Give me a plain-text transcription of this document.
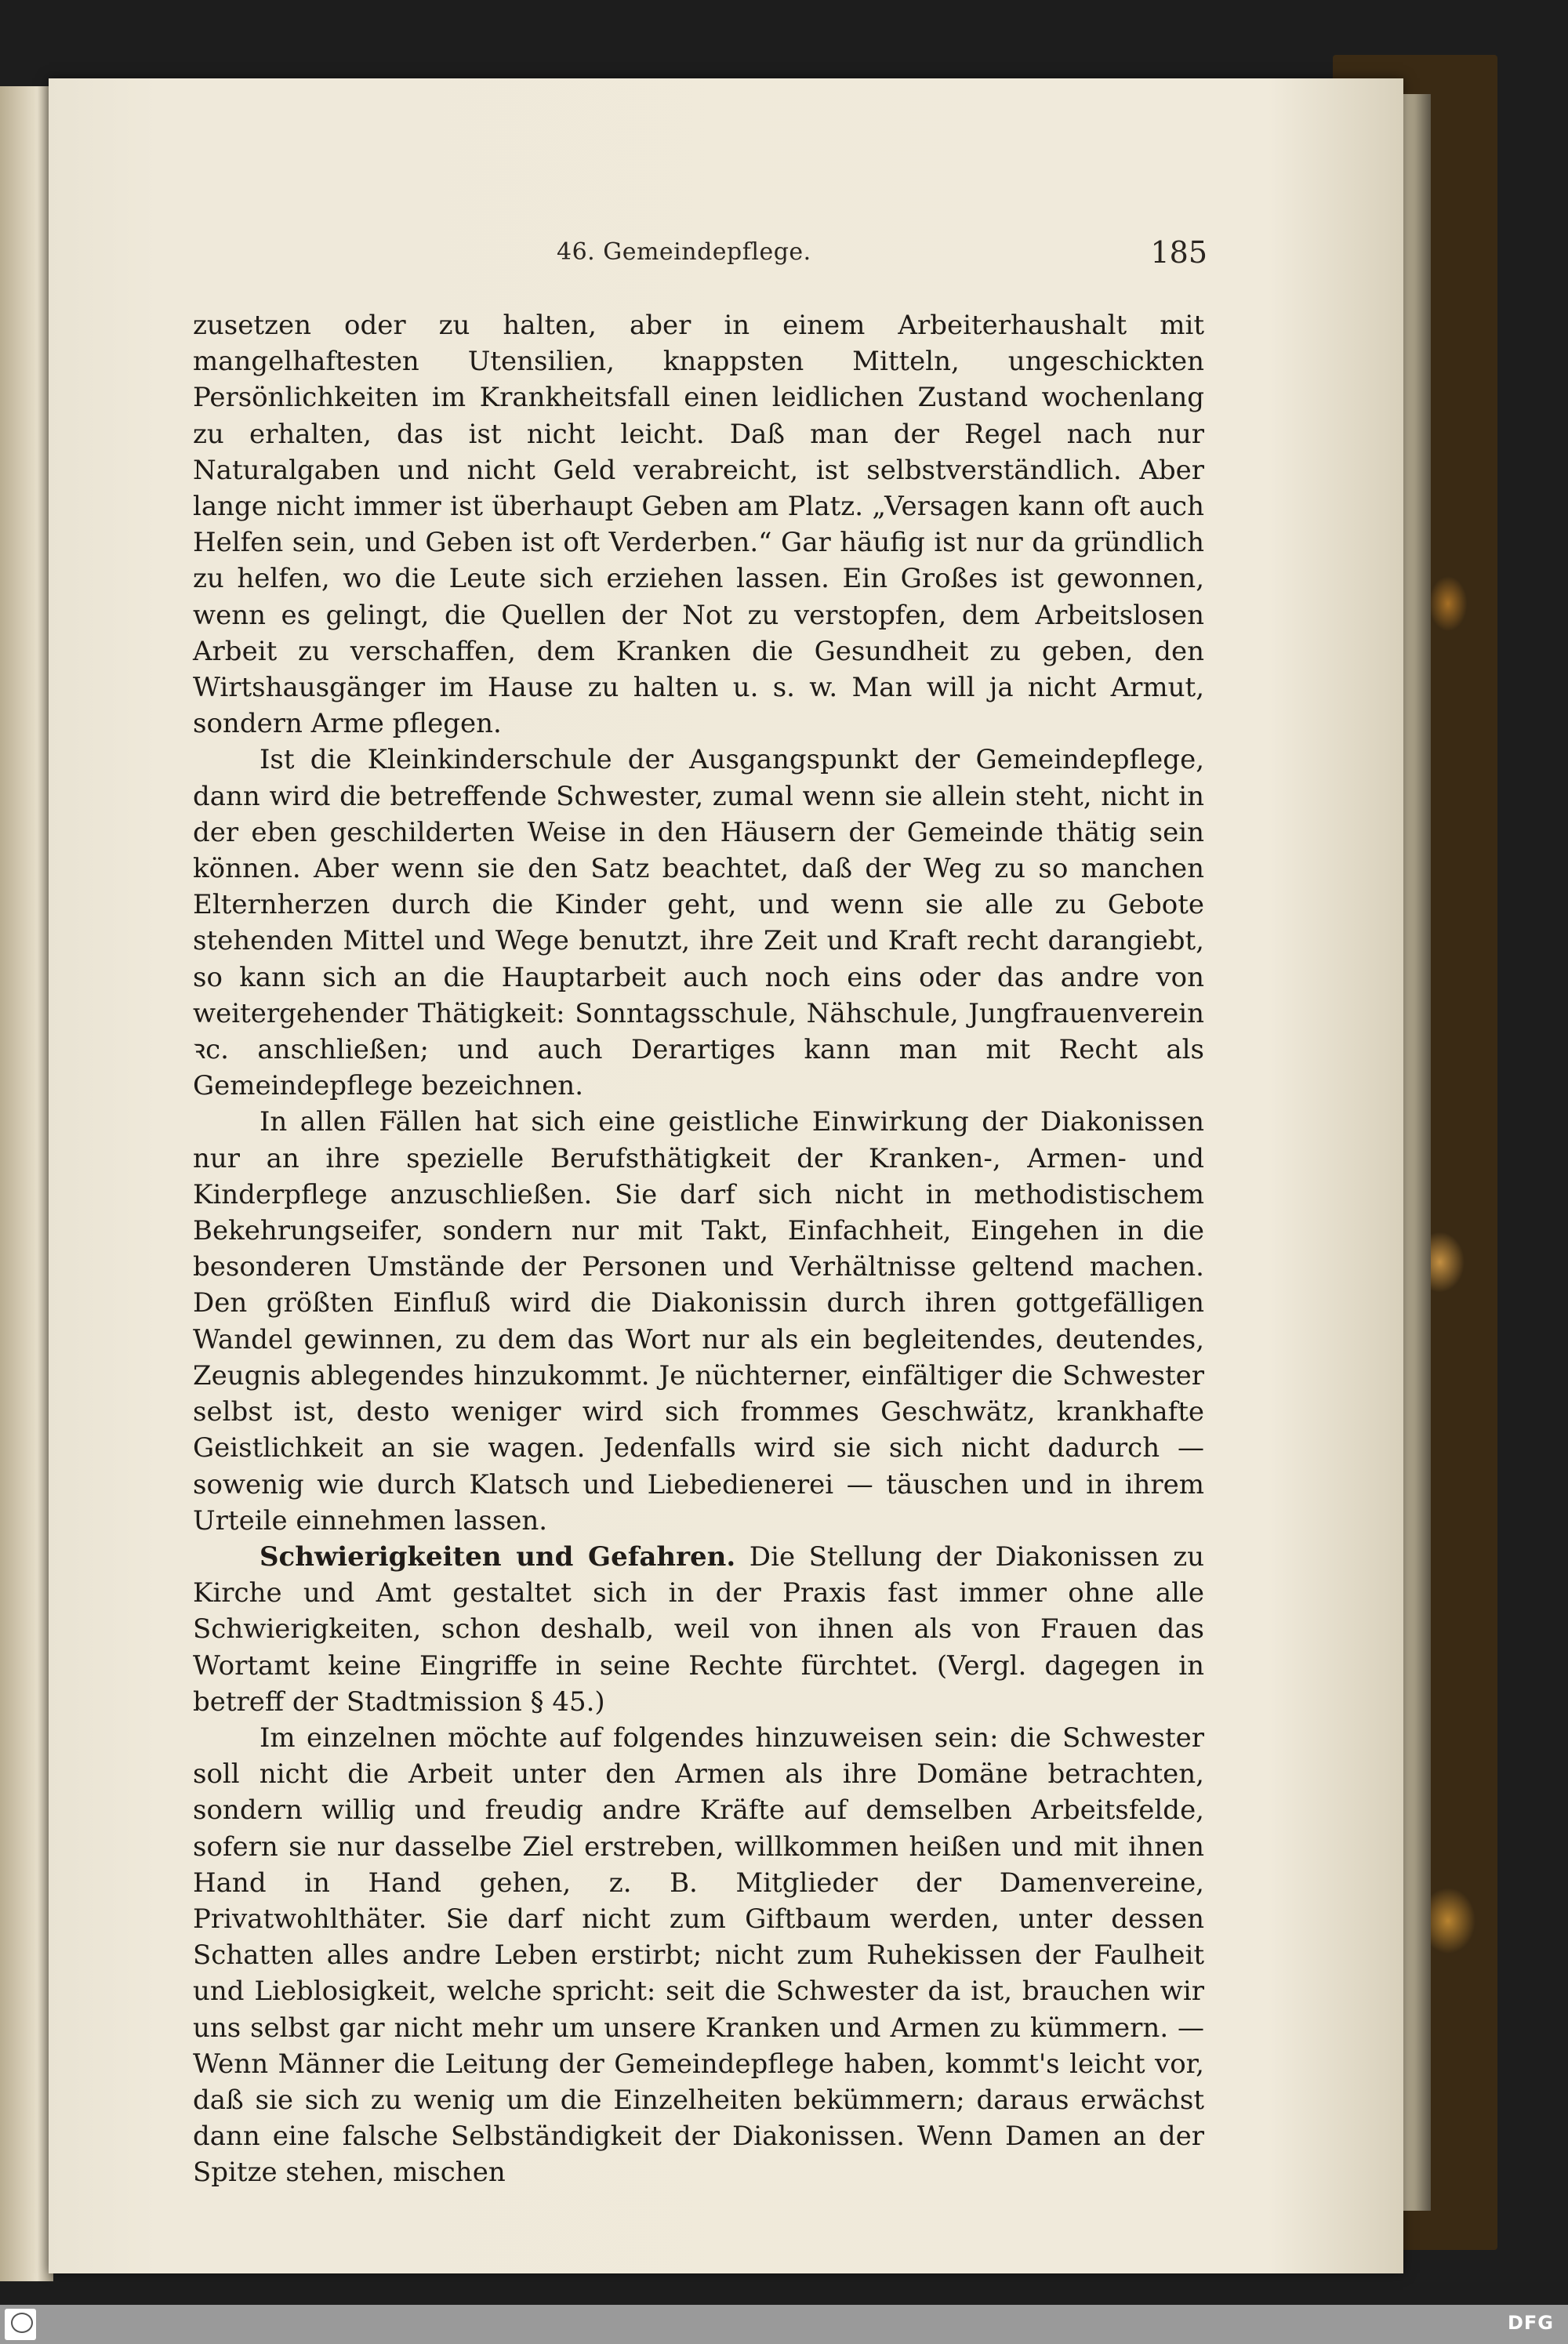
46. Gemeindepflege.	185

zusetzen oder zu halten, aber in einem Arbeiterhaushalt mit mangelhaftesten Utensilien, knappsten Mitteln, ungeschickten Persönlichkeiten im Krankheitsfall einen leidlichen Zustand wochenlang zu erhalten, das ist nicht leicht. Daß man der Regel nach nur Naturalgaben und nicht Geld verabreicht, ist selbstverständlich. Aber lange nicht immer ist überhaupt Geben am Platz. „Versagen kann oft auch Helfen sein, und Geben ist oft Verderben.“ Gar häufig ist nur da gründlich zu helfen, wo die Leute sich erziehen lassen. Ein Großes ist gewonnen, wenn es gelingt, die Quellen der Not zu verstopfen, dem Arbeitslosen Arbeit zu verschaffen, dem Kranken die Gesundheit zu geben, den Wirtshausgänger im Hause zu halten u. s. w. Man will ja nicht Armut, sondern Arme pflegen.

Ist die Kleinkinderschule der Ausgangspunkt der Gemeindepflege, dann wird die betreffende Schwester, zumal wenn sie allein steht, nicht in der eben geschilderten Weise in den Häusern der Gemeinde thätig sein können. Aber wenn sie den Satz beachtet, daß der Weg zu so manchen Elternherzen durch die Kinder geht, und wenn sie alle zu Gebote stehenden Mittel und Wege benutzt, ihre Zeit und Kraft recht darangiebt, so kann sich an die Hauptarbeit auch noch eins oder das andre von weitergehender Thätigkeit: Sonntagsschule, Nähschule, Jungfrauenverein ꝛc. anschließen; und auch Derartiges kann man mit Recht als Gemeindepflege bezeichnen.

In allen Fällen hat sich eine geistliche Einwirkung der Diakonissen nur an ihre spezielle Berufsthätigkeit der Kranken-, Armen- und Kinderpflege anzuschließen. Sie darf sich nicht in methodistischem Bekehrungseifer, sondern nur mit Takt, Einfachheit, Eingehen in die besonderen Umstände der Personen und Verhältnisse geltend machen. Den größten Einfluß wird die Diakonissin durch ihren gottgefälligen Wandel gewinnen, zu dem das Wort nur als ein begleitendes, deutendes, Zeugnis ablegendes hinzukommt. Je nüchterner, einfältiger die Schwester selbst ist, desto weniger wird sich frommes Geschwätz, krankhafte Geistlichkeit an sie wagen. Jedenfalls wird sie sich nicht dadurch — sowenig wie durch Klatsch und Liebedienerei — täuschen und in ihrem Urteile einnehmen lassen.

Schwierigkeiten und Gefahren. Die Stellung der Diakonissen zu Kirche und Amt gestaltet sich in der Praxis fast immer ohne alle Schwierigkeiten, schon deshalb, weil von ihnen als von Frauen das Wortamt keine Eingriffe in seine Rechte fürchtet. (Vergl. dagegen in betreff der Stadtmission § 45.)

Im einzelnen möchte auf folgendes hinzuweisen sein: die Schwester soll nicht die Arbeit unter den Armen als ihre Domäne betrachten, sondern willig und freudig andre Kräfte auf demselben Arbeitsfelde, sofern sie nur dasselbe Ziel erstreben, willkommen heißen und mit ihnen Hand in Hand gehen, z. B. Mitglieder der Damenvereine, Privatwohlthäter. Sie darf nicht zum Giftbaum werden, unter dessen Schatten alles andre Leben erstirbt; nicht zum Ruhekissen der Faulheit und Lieblosigkeit, welche spricht: seit die Schwester da ist, brauchen wir uns selbst gar nicht mehr um unsere Kranken und Armen zu kümmern. — Wenn Männer die Leitung der Gemeindepflege haben, kommt's leicht vor, daß sie sich zu wenig um die Einzelheiten bekümmern; daraus erwächst dann eine falsche Selbständigkeit der Diakonissen. Wenn Damen an der Spitze stehen, mischen

DFG
